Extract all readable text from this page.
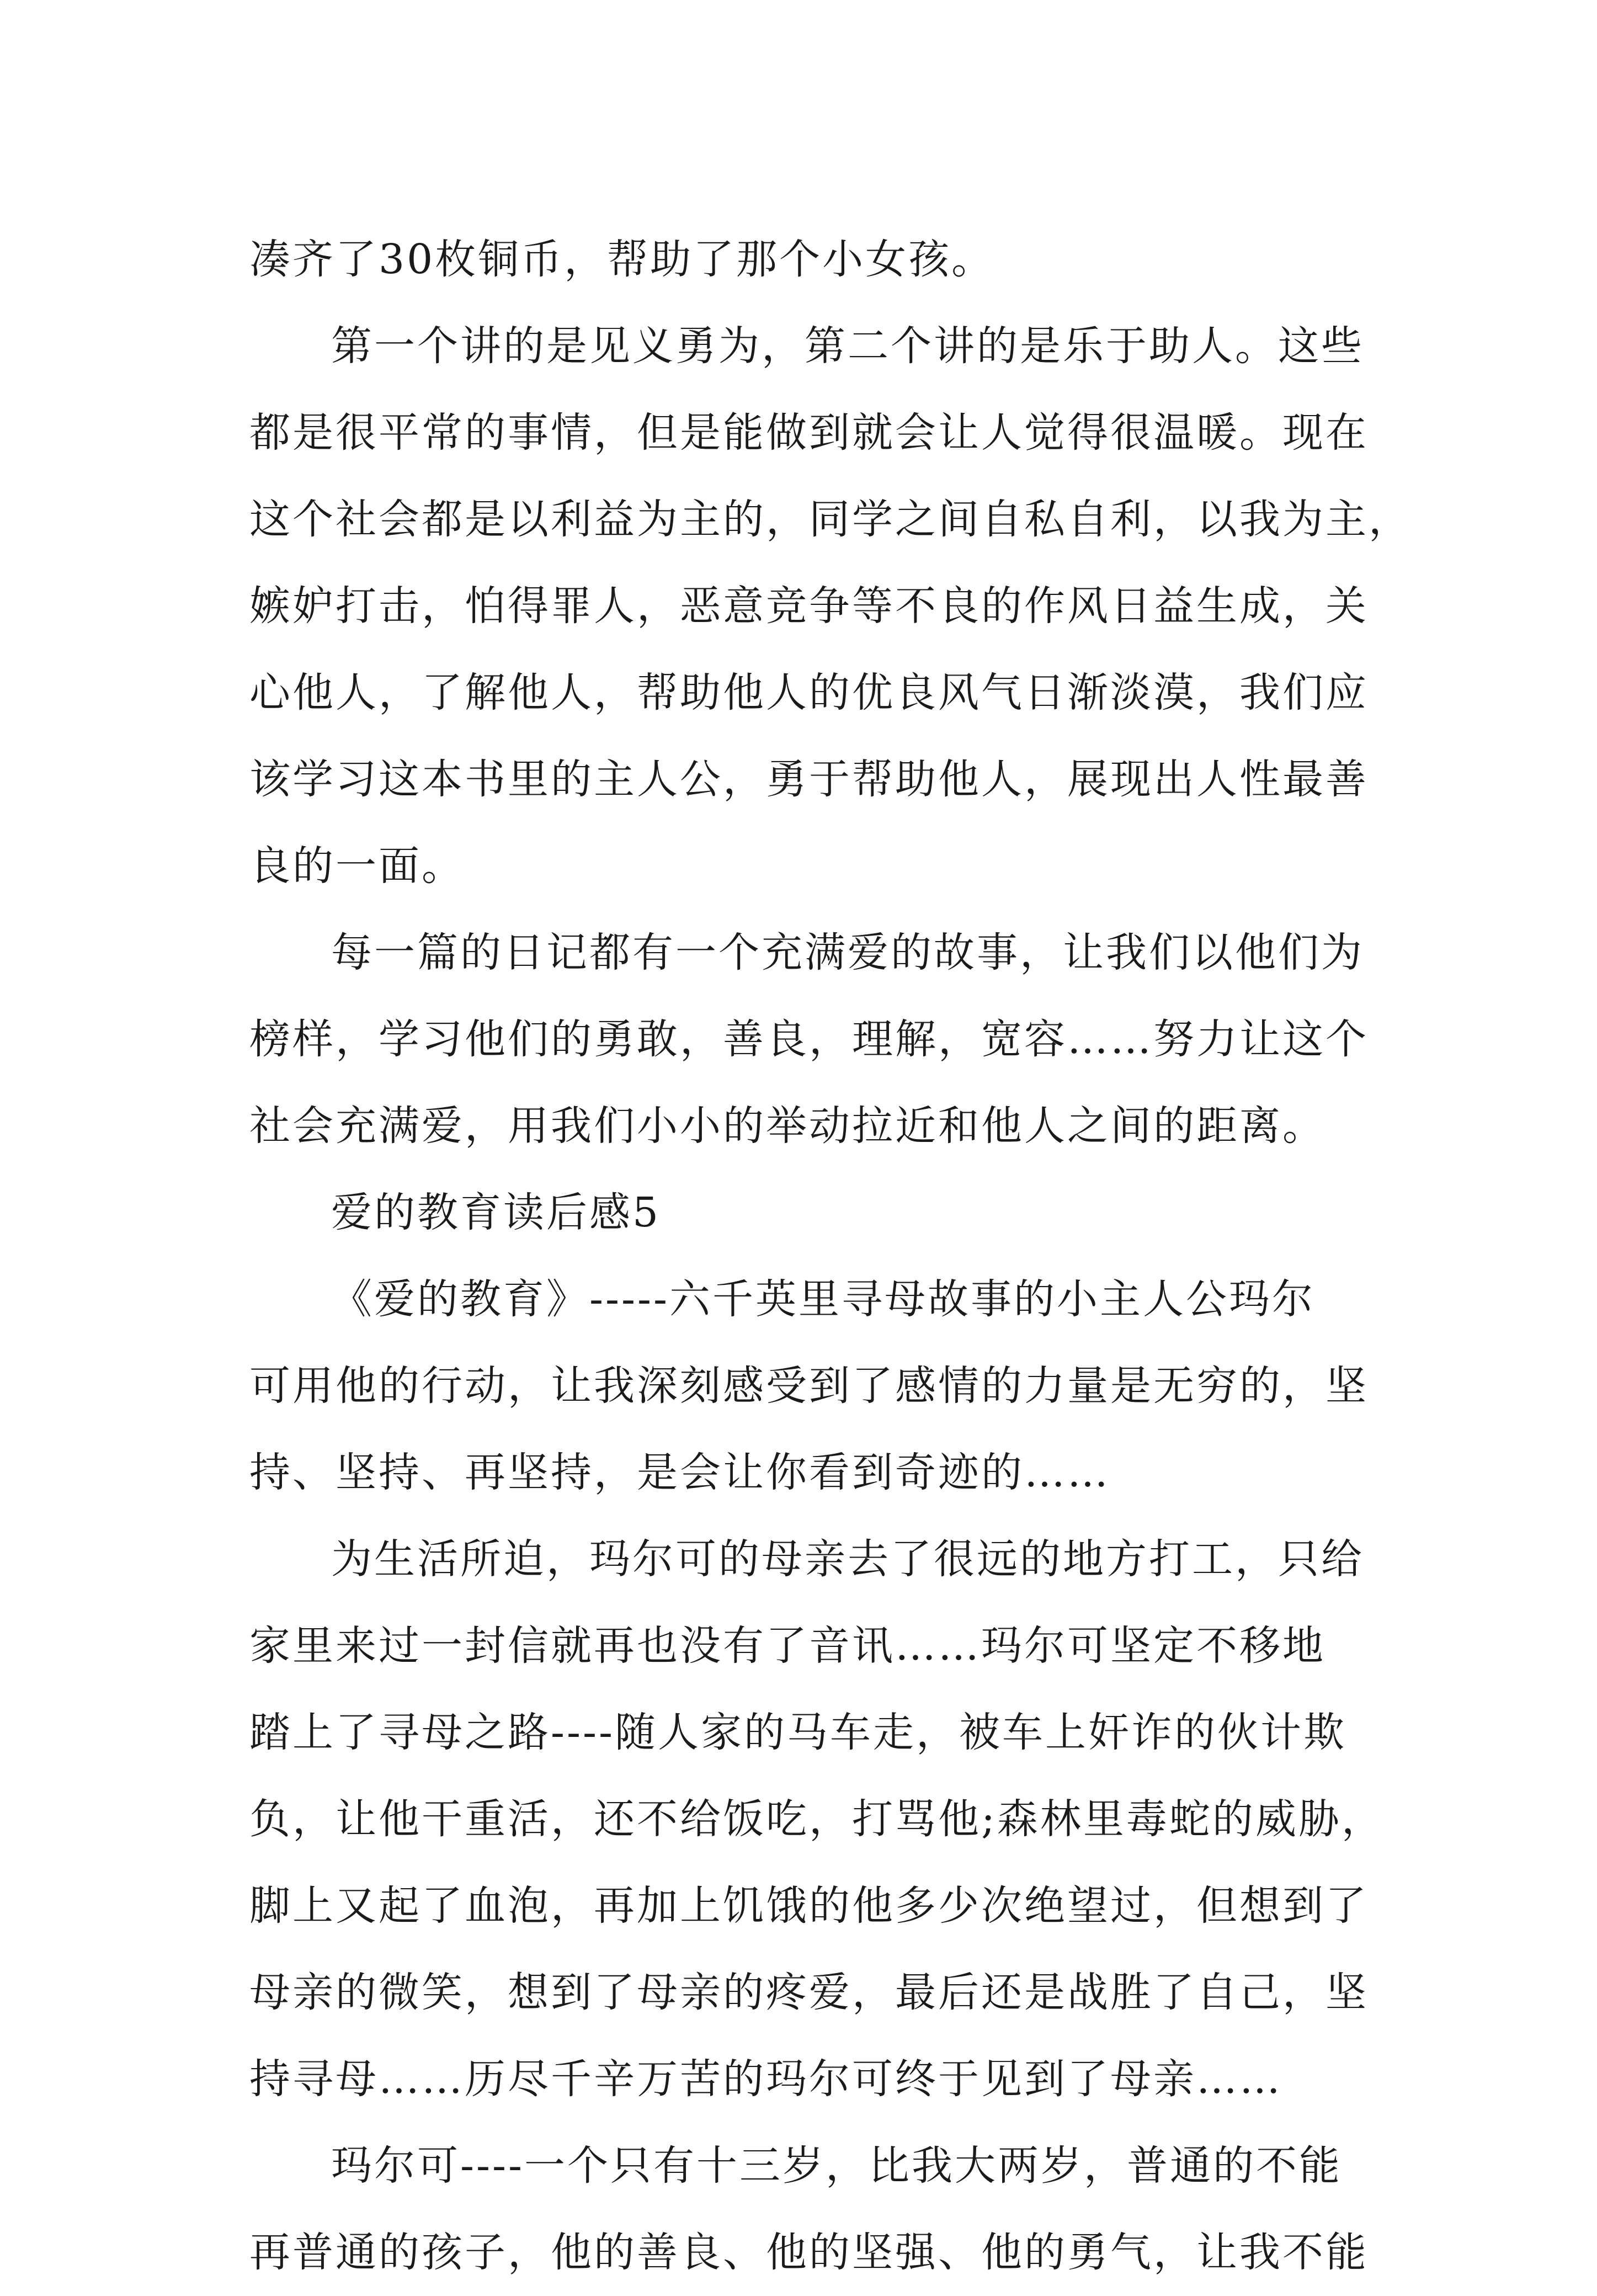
凑齐了30枚铜币，帮助了那个小女孩。
第一个讲的是见义勇为，第二个讲的是乐于助人。这些
都是很平常的事情，但是能做到就会让人觉得很温暖。现在
这个社会都是以利益为主的，同学之间自私自利，以我为主，
嫉妒打击，怕得罪人，恶意竞争等不良的作风日益生成，关
心他人，了解他人，帮助他人的优良风气日渐淡漠，我们应
该学习这本书里的主人公，勇于帮助他人，展现出人性最善
良的一面。
每一篇的日记都有一个充满爱的故事，让我们以他们为
榜样，学习他们的勇敢，善良，理解，宽容……努力让这个
社会充满爱，用我们小小的举动拉近和他人之间的距离。
爱的教育读后感5
《爱的教育》-----六千英里寻母故事的小主人公玛尔
可用他的行动，让我深刻感受到了感情的力量是无穷的，坚
持、坚持、再坚持，是会让你看到奇迹的……
为生活所迫，玛尔可的母亲去了很远的地方打工，只给
家里来过一封信就再也没有了音讯……玛尔可坚定不移地
踏上了寻母之路----随人家的马车走，被车上奸诈的伙计欺
负，让他干重活，还不给饭吃，打骂他;森林里毒蛇的威胁，
脚上又起了血泡，再加上饥饿的他多少次绝望过，但想到了
母亲的微笑，想到了母亲的疼爱，最后还是战胜了自己，坚
持寻母……历尽千辛万苦的玛尔可终于见到了母亲……
玛尔可----一个只有十三岁，比我大两岁，普通的不能
再普通的孩子，他的善良、他的坚强、他的勇气，让我不能
